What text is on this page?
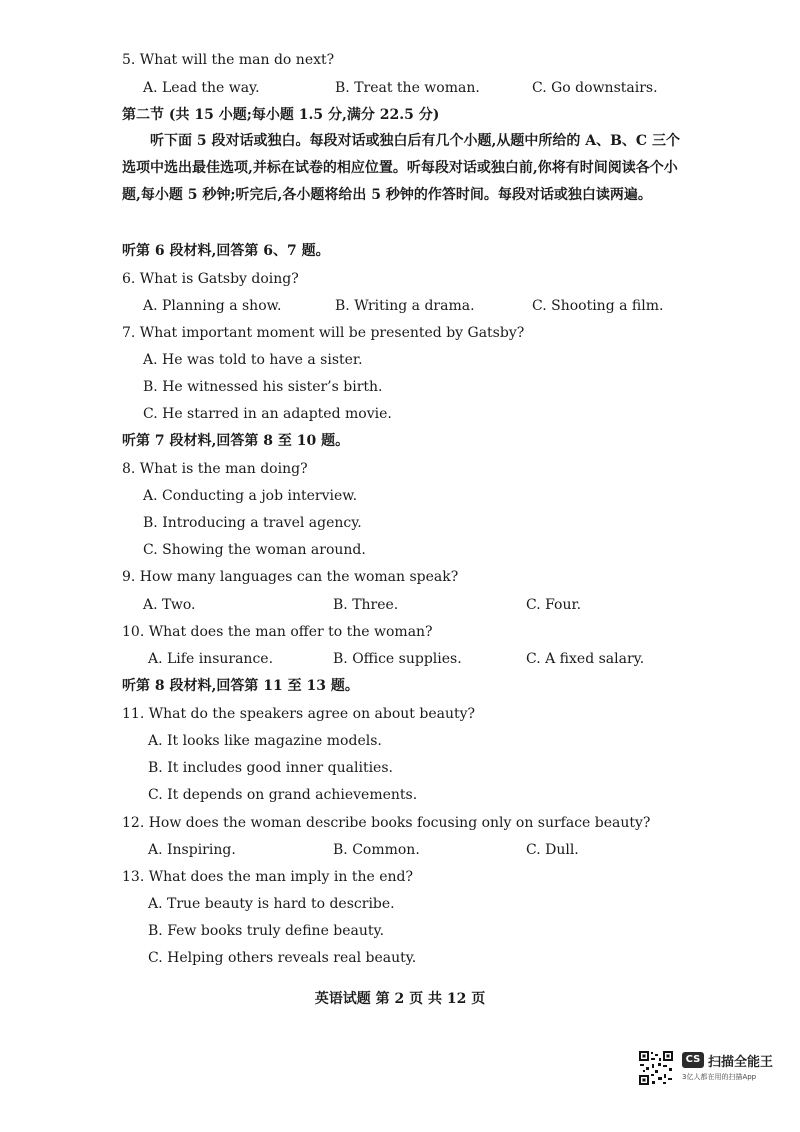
5. What will the man do next?
A. Lead the way.	B. Treat the woman.	C. Go downstairs.
第二节 (共 15 小题;每小题 1.5 分,满分 22.5 分)
听下面 5 段对话或独白。每段对话或独白后有几个小题,从题中所给的 A、B、C 三个选项中选出最佳选项,并标在试卷的相应位置。听每段对话或独白前,你将有时间阅读各个小题,每小题 5 秒钟;听完后,各小题将给出 5 秒钟的作答时间。每段对话或独白读两遍。
听第 6 段材料,回答第 6、7 题。
6. What is Gatsby doing?
A. Planning a show.	B. Writing a drama.	C. Shooting a film.
7. What important moment will be presented by Gatsby?
A. He was told to have a sister.
B. He witnessed his sister’s birth.
C. He starred in an adapted movie.
听第 7 段材料,回答第 8 至 10 题。
8. What is the man doing?
A. Conducting a job interview.
B. Introducing a travel agency.
C. Showing the woman around.
9. How many languages can the woman speak?
A. Two.	B. Three.	C. Four.
10. What does the man offer to the woman?
A. Life insurance.	B. Office supplies.	C. A fixed salary.
听第 8 段材料,回答第 11 至 13 题。
11. What do the speakers agree on about beauty?
A. It looks like magazine models.
B. It includes good inner qualities.
C. It depends on grand achievements.
12. How does the woman describe books focusing only on surface beauty?
A. Inspiring.	B. Common.	C. Dull.
13. What does the man imply in the end?
A. True beauty is hard to describe.
B. Few books truly define beauty.
C. Helping others reveals real beauty.
英语试题 第 2 页 共 12 页
CS 扫描全能王
3亿人都在用的扫描App
